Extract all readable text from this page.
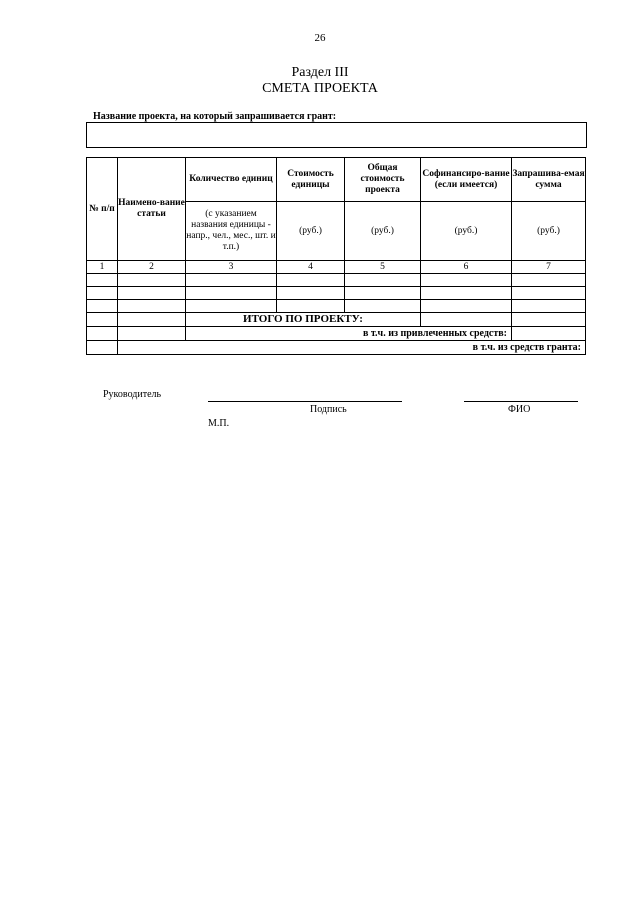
26
Раздел III
СМЕТА ПРОЕКТА
Название проекта, на который запрашивается грант:
№ п/п	Наимено-вание статьи	Количество единиц	Стоимость единицы	Общая стоимость проекта	Софинансиро-вание (если имеется)	Запрашива-емая сумма
		(с указанием названия единицы - напр., чел., мес., шт. и т.п.)	(руб.)	(руб.)	(руб.)	(руб.)
1	2	3	4	5	6	7

		ИТОГО ПО ПРОЕКТУ:				
		в т.ч. из привлеченных средств:				
	в т.ч. из средств гранта:					
Руководитель
Подпись	ФИО
М.П.
